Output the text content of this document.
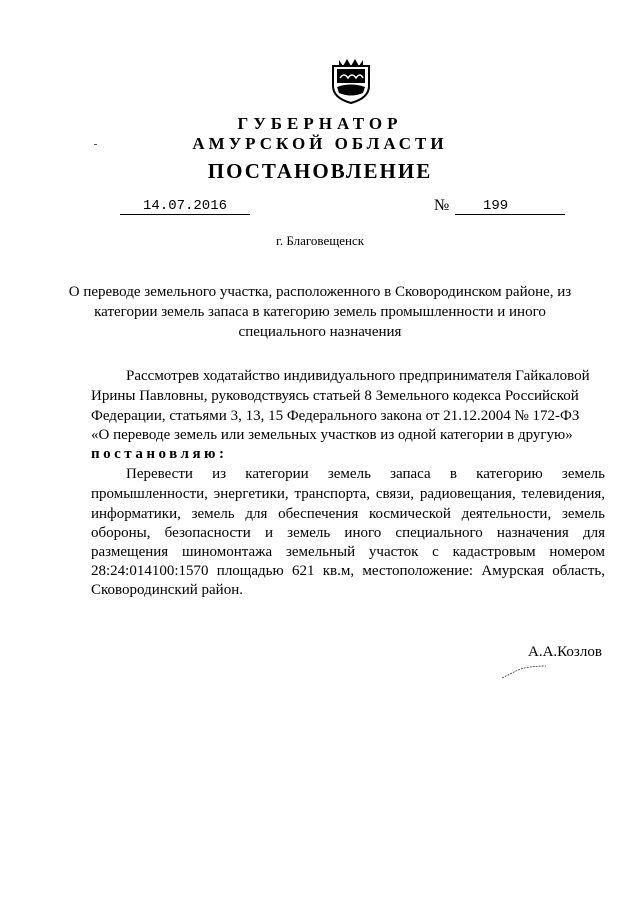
ГУБЕРНАТОР
АМУРСКОЙ ОБЛАСТИ
ПОСТАНОВЛЕНИЕ
14.07.2016	№	199
г. Благовещенск
О переводе земельного участка, расположенного в Сковородинском районе, из
категории земель запаса в категорию земель промышленности и иного
специального назначения
Рассмотрев ходатайство индивидуального предпринимателя Гайкаловой
Ирины Павловны, руководствуясь статьей 8 Земельного кодекса Российской
Федерации, статьями 3, 13, 15 Федерального закона от 21.12.2004 № 172-ФЗ
«О переводе земель или земельных участков из одной категории в другую»
постановляю:
Перевести из категории земель запаса в категорию земель
промышленности, энергетики, транспорта, связи, радиовещания, телевидения,
информатики, земель для обеспечения космической деятельности, земель
обороны, безопасности и земель иного специального назначения для
размещения шиномонтажа земельный участок с кадастровым номером
28:24:014100:1570 площадью 621 кв.м, местоположение: Амурская область,
Сковородинский район.
А.А.Козлов
